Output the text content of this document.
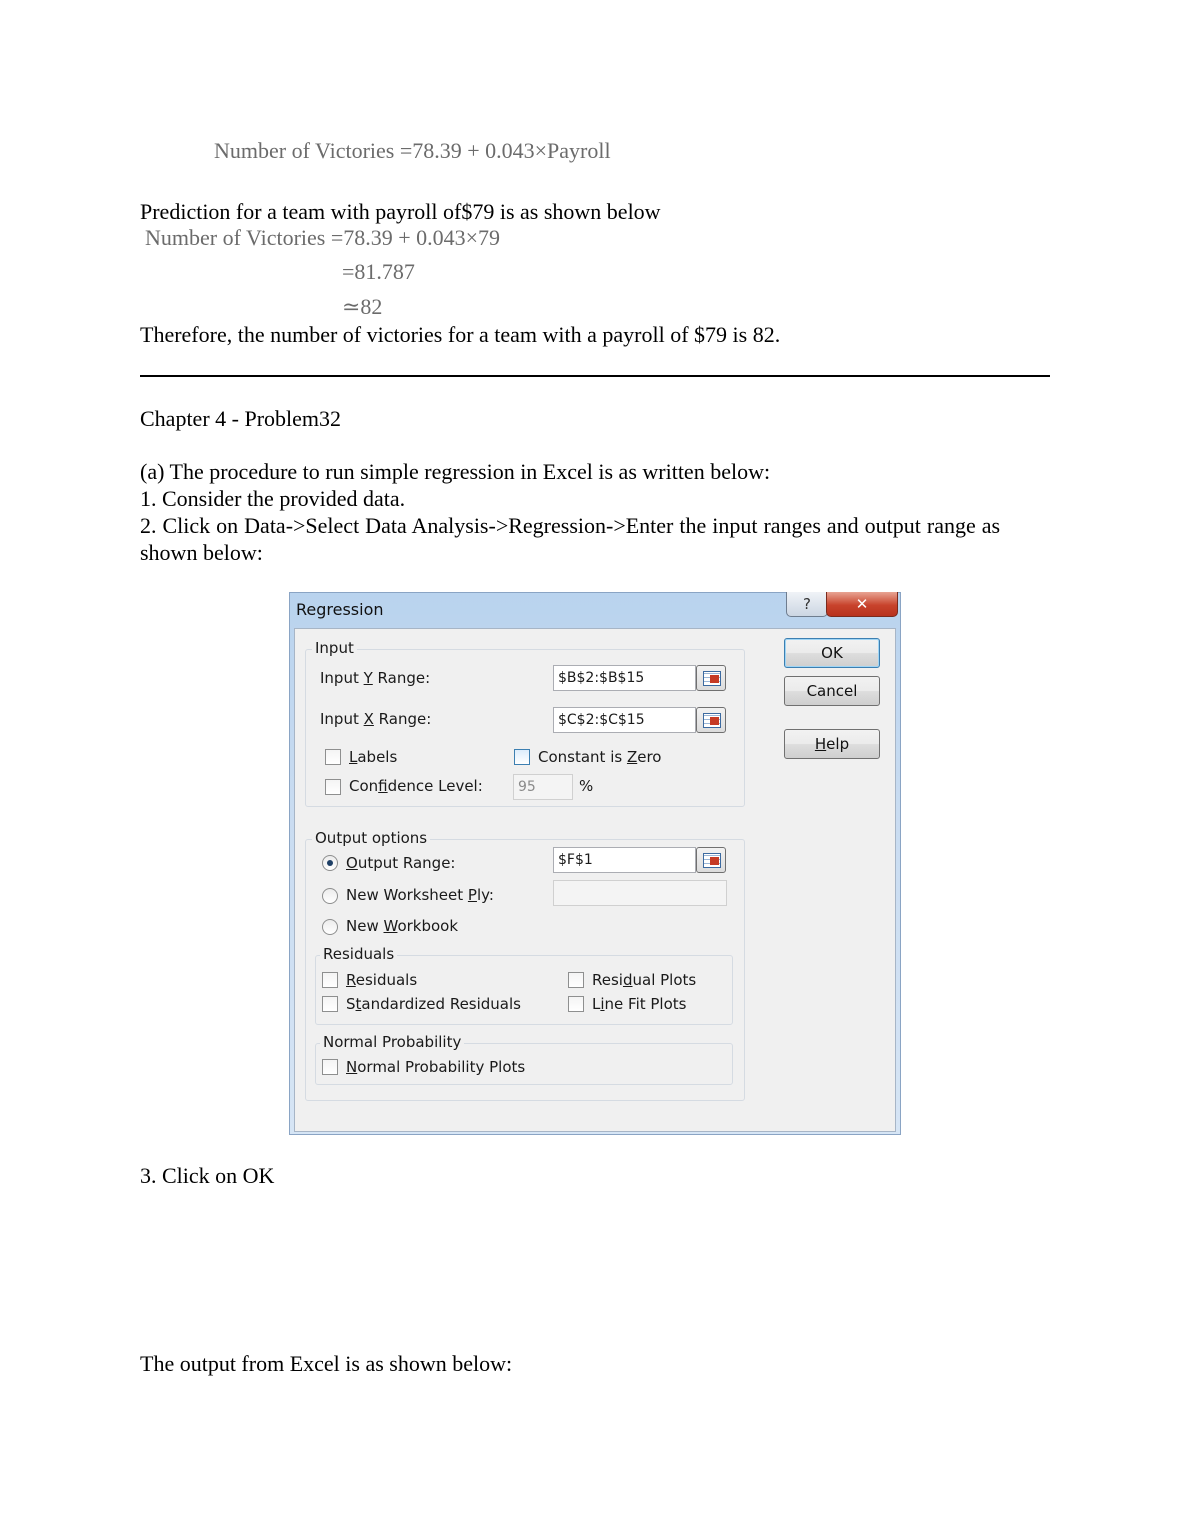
Number of Victories =78.39 + 0.043×Payroll
Prediction for a team with payroll of$79 is as shown below
Number of Victories =78.39 + 0.043×79
=81.787
≃82
Therefore, the number of victories for a team with a payroll of $79 is 82.
Chapter 4 - Problem32
(a) The procedure to run simple regression in Excel is as written below:
1. Consider the provided data.
2. Click on Data->Select Data Analysis->Regression->Enter the input ranges and output range as
shown below:
Regression	?	✕
Input
Input Y Range:	$B$2:$B$15
Input X Range:	$C$2:$C$15
Labels	Constant is Zero
Confidence Level:	95	%
Output options
Output Range:	$F$1
New Worksheet Ply:
New Workbook
Residuals
Residuals	Residual Plots
Standardized Residuals	Line Fit Plots
Normal Probability
Normal Probability Plots
OK
Cancel
Help
3. Click on OK
The output from Excel is as shown below:
